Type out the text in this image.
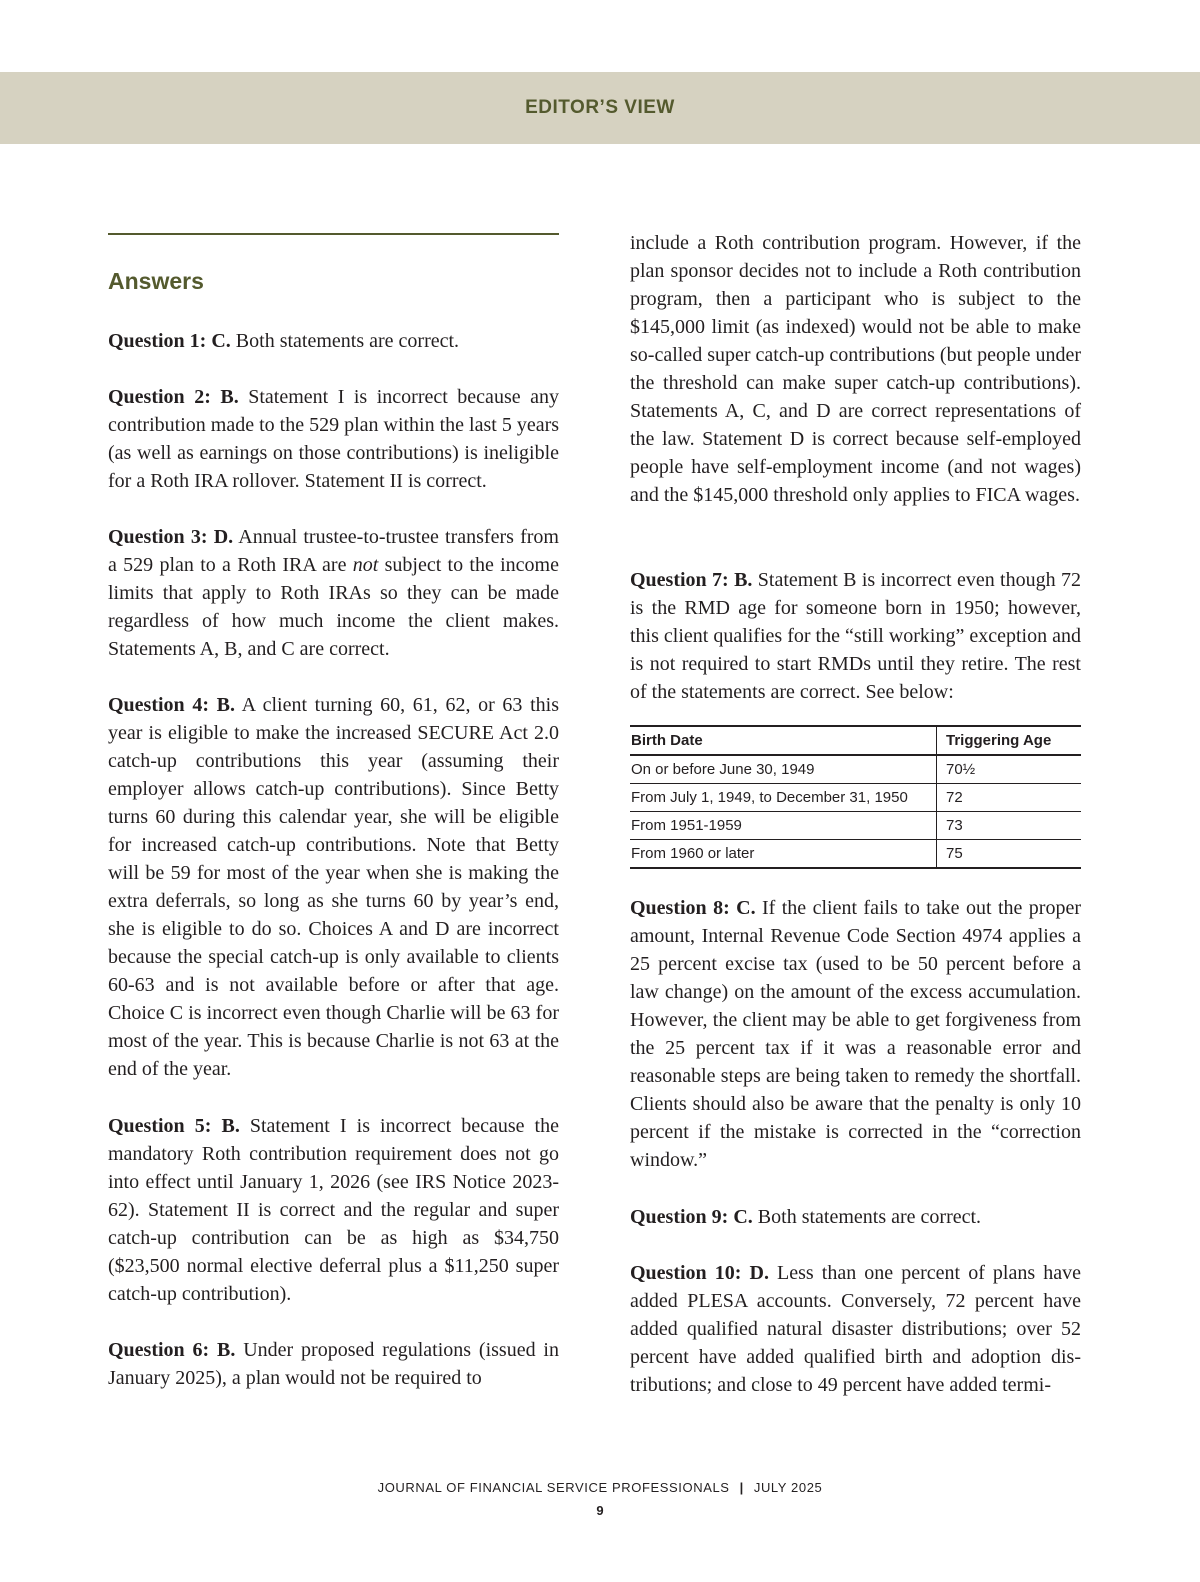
EDITOR’S VIEW
Answers

Question 1: C. Both statements are correct.

Question 2: B. Statement I is incorrect because any contribution made to the 529 plan within the last 5 years (as well as earnings on those contributions) is ineligible for a Roth IRA rollover. Statement II is correct.

Question 3: D. Annual trustee-to-trustee transfers from a 529 plan to a Roth IRA are not subject to the income limits that apply to Roth IRAs so they can be made regardless of how much income the client makes. Statements A, B, and C are correct.

Question 4: B. A client turning 60, 61, 62, or 63 this year is eligible to make the increased SECURE Act 2.0 catch-up contributions this year (assuming their employer allows catch-up contributions). Since Betty turns 60 during this calendar year, she will be eligible for increased catch-up contributions. Note that Betty will be 59 for most of the year when she is making the extra deferrals, so long as she turns 60 by year’s end, she is eligible to do so. Choices A and D are incorrect because the special catch-up is only available to clients 60-63 and is not available before or after that age. Choice C is incorrect even though Charlie will be 63 for most of the year. This is because Charlie is not 63 at the end of the year.

Question 5: B. Statement I is incorrect because the mandatory Roth contribution requirement does not go into effect until January 1, 2026 (see IRS Notice 2023-62). Statement II is correct and the regular and super catch-up contribution can be as high as $34,750 ($23,500 normal elective deferral plus a $11,250 super catch-up contribution).

Question 6: B. Under proposed regulations (issued in January 2025), a plan would not be required to

include a Roth contribution program. However, if the plan sponsor decides not to include a Roth contribution program, then a participant who is subject to the $145,000 limit (as indexed) would not be able to make so-called super catch-up contributions (but people under the threshold can make super catch-up contributions). Statements A, C, and D are correct representations of the law. Statement D is correct because self-employed people have self-employment income (and not wages) and the $145,000 threshold only applies to FICA wages.

Question 7: B. Statement B is incorrect even though 72 is the RMD age for someone born in 1950; however, this client qualifies for the “still working” exception and is not required to start RMDs until they retire. The rest of the statements are correct. See below:

Question 8: C. If the client fails to take out the proper amount, Internal Revenue Code Section 4974 applies a 25 percent excise tax (used to be 50 percent before a law change) on the amount of the excess accumulation. However, the client may be able to get forgiveness from the 25 percent tax if it was a reasonable error and reasonable steps are being taken to remedy the shortfall. Clients should also be aware that the penalty is only 10 percent if the mistake is corrected in the “correction window.”

Question 9: C. Both statements are correct.

Question 10: D. Less than one percent of plans have added PLESA accounts. Conversely, 72 percent have added qualified natural disaster distributions; over 52 percent have added qualified birth and adoption distributions; and close to 49 percent have added termi-

Birth Date	Triggering Age
On or before June 30, 1949	70½
From July 1, 1949, to December 31, 1950	72
From 1951-1959	73
From 1960 or later	75
JOURNAL OF FINANCIAL SERVICE PROFESSIONALS | JULY 2025
9
